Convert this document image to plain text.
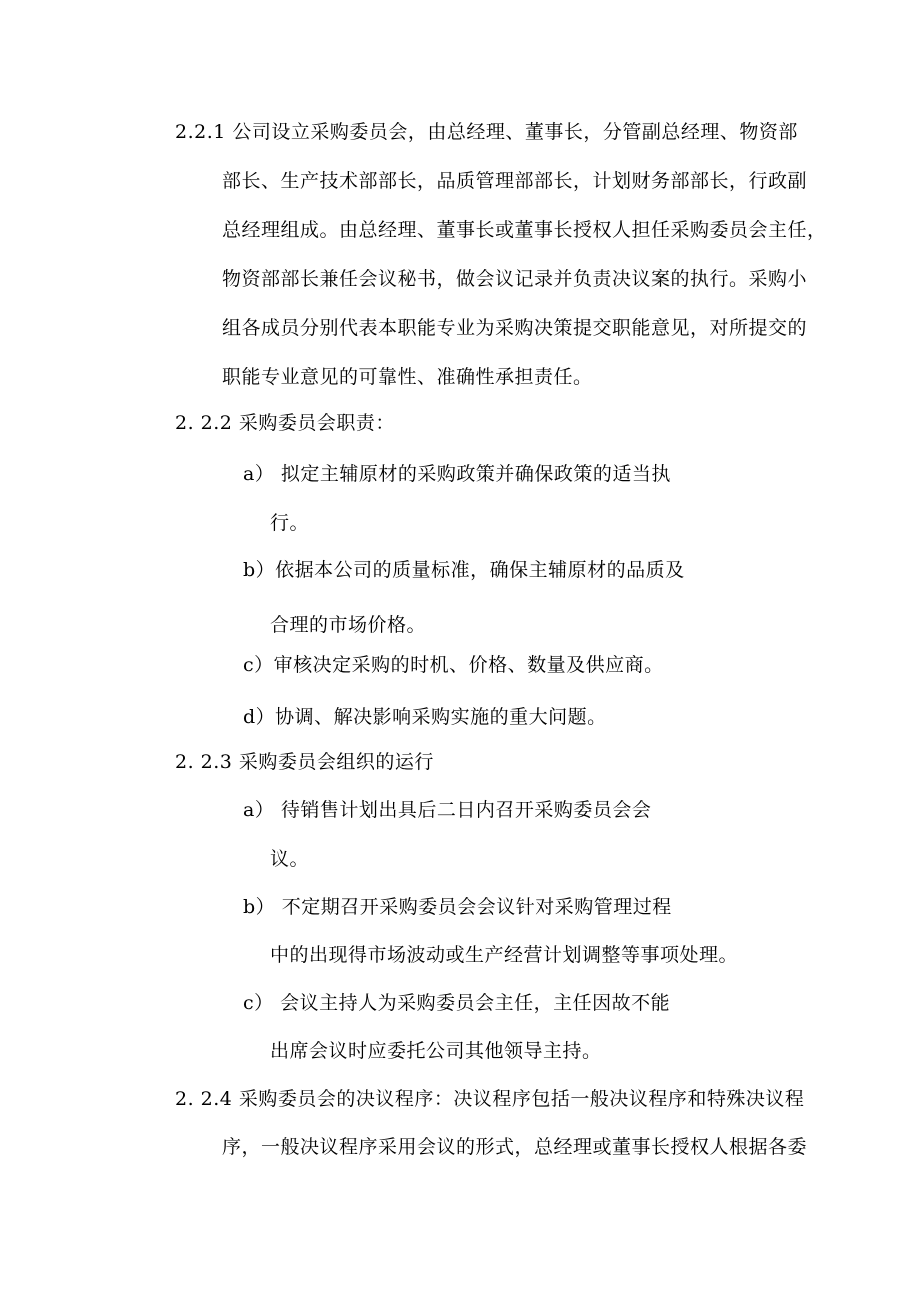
2.2.1 公司设立采购委员会，由总经理、董事长，分管副总经理、物资部
部长、生产技术部部长，品质管理部部长，计划财务部部长，行政副
总经理组成。由总经理、董事长或董事长授权人担任采购委员会主任，
物资部部长兼任会议秘书，做会议记录并负责决议案的执行。采购小
组各成员分别代表本职能专业为采购决策提交职能意见，对所提交的
职能专业意见的可靠性、准确性承担责任。
2. 2.2 采购委员会职责：
a） 拟定主辅原材的采购政策并确保政策的适当执
行。
b）依据本公司的质量标准，确保主辅原材的品质及
合理的市场价格。
c）审核决定采购的时机、价格、数量及供应商。
d）协调、解决影响采购实施的重大问题。
2. 2.3 采购委员会组织的运行
a） 待销售计划出具后二日内召开采购委员会会
议。
b） 不定期召开采购委员会会议针对采购管理过程
中的出现得市场波动或生产经营计划调整等事项处理。
c） 会议主持人为采购委员会主任，主任因故不能
出席会议时应委托公司其他领导主持。
2. 2.4 采购委员会的决议程序：决议程序包括一般决议程序和特殊决议程
序，一般决议程序采用会议的形式，总经理或董事长授权人根据各委
